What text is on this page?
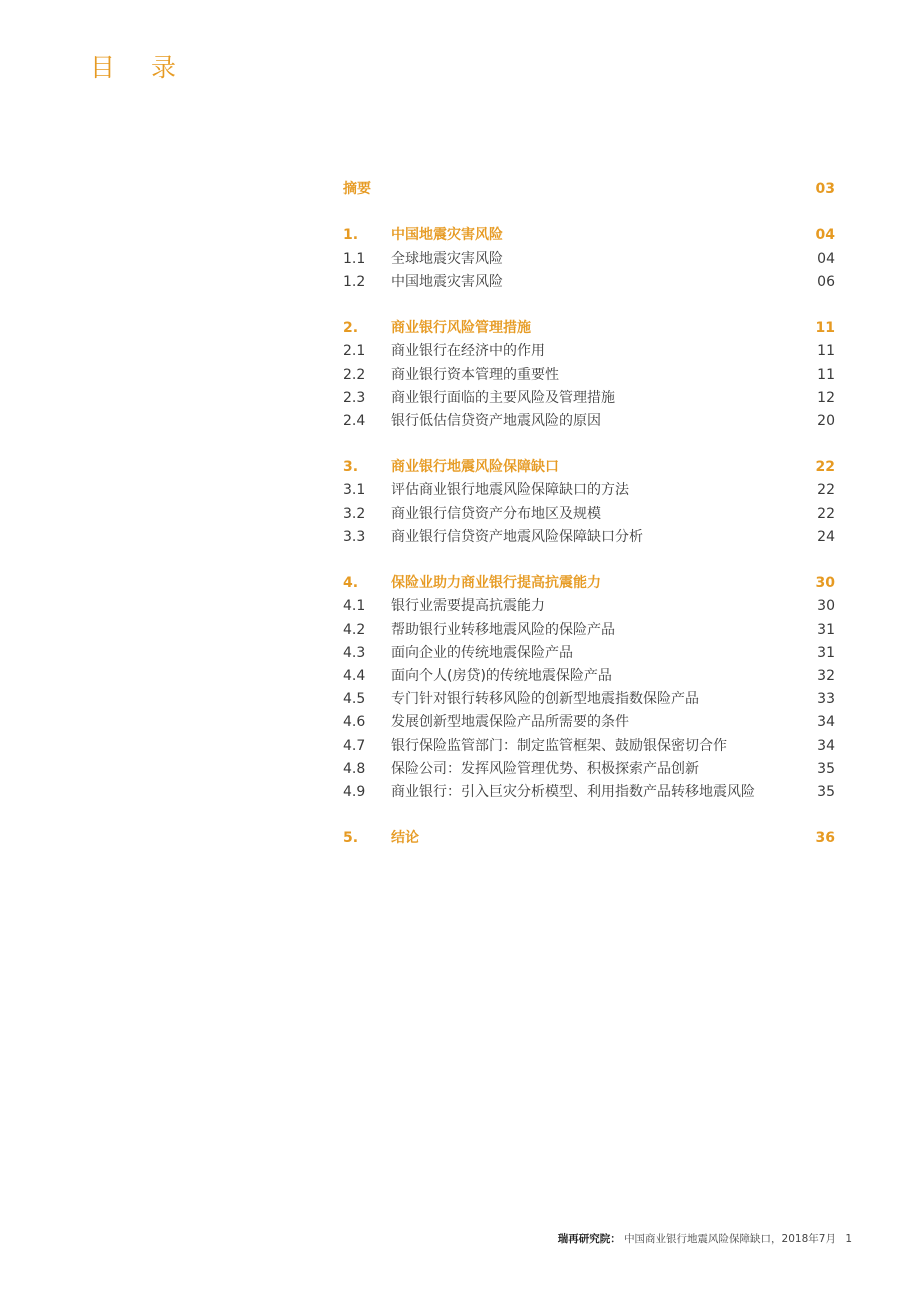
目 录
摘要	03
1. 中国地震灾害风险	04
1.1 全球地震灾害风险	04
1.2 中国地震灾害风险	06
2. 商业银行风险管理措施	11
2.1 商业银行在经济中的作用	11
2.2 商业银行资本管理的重要性	11
2.3 商业银行面临的主要风险及管理措施	12
2.4 银行低估信贷资产地震风险的原因	20
3. 商业银行地震风险保障缺口	22
3.1 评估商业银行地震风险保障缺口的方法	22
3.2 商业银行信贷资产分布地区及规模	22
3.3 商业银行信贷资产地震风险保障缺口分析	24
4. 保险业助力商业银行提高抗震能力	30
4.1 银行业需要提高抗震能力	30
4.2 帮助银行业转移地震风险的保险产品	31
4.3 面向企业的传统地震保险产品	31
4.4 面向个人(房贷)的传统地震保险产品	32
4.5 专门针对银行转移风险的创新型地震指数保险产品	33
4.6 发展创新型地震保险产品所需要的条件	34
4.7 银行保险监管部门：制定监管框架、鼓励银保密切合作	34
4.8 保险公司：发挥风险管理优势、积极探索产品创新	35
4.9 商业银行：引入巨灾分析模型、利用指数产品转移地震风险	35
5. 结论	36
瑞再研究院： 中国商业银行地震风险保障缺口，2018年7月 1
